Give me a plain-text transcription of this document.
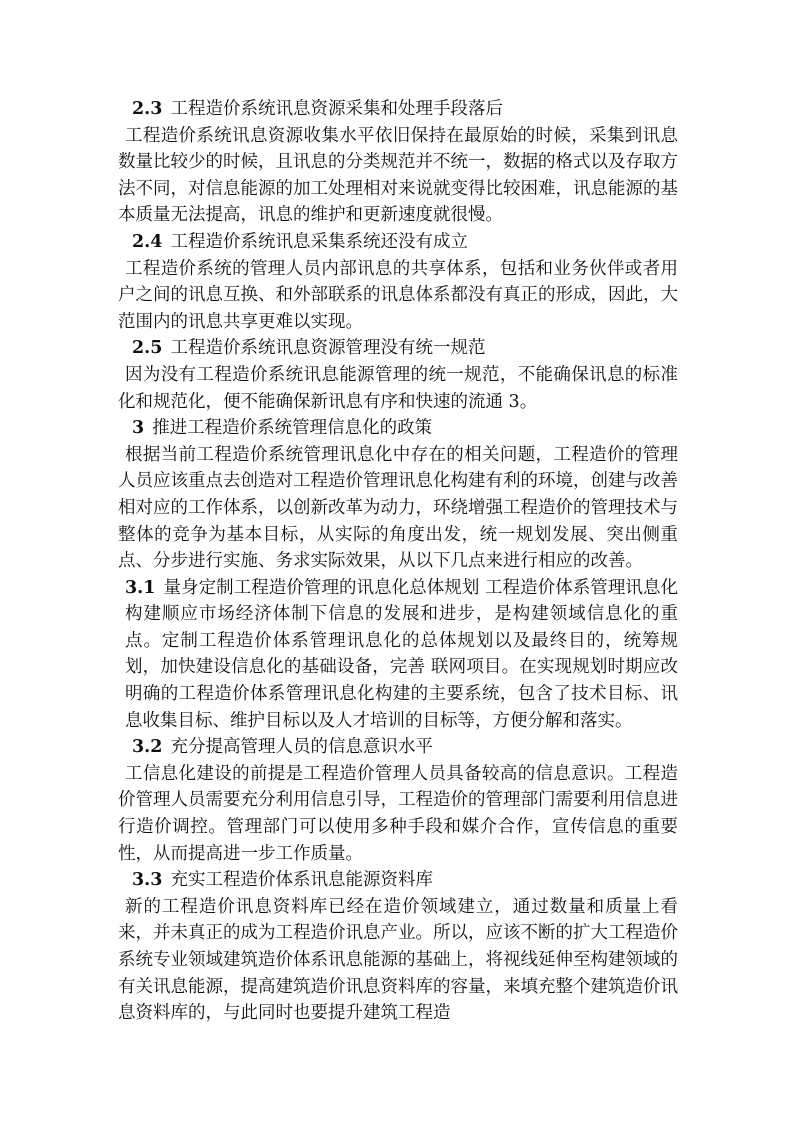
2.3 工程造价系统讯息资源采集和处理手段落后

工程造价系统讯息资源收集水平依旧保持在最原始的时候，采集到讯息数量比较少的时候，且讯息的分类规范并不统一，数据的格式以及存取方法不同，对信息能源的加工处理相对来说就变得比较困难，讯息能源的基本质量无法提高，讯息的维护和更新速度就很慢。

2.4 工程造价系统讯息采集系统还没有成立

工程造价系统的管理人员内部讯息的共享体系，包括和业务伙伴或者用户之间的讯息互换、和外部联系的讯息体系都没有真正的形成，因此，大范围内的讯息共享更难以实现。

2.5 工程造价系统讯息资源管理没有统一规范

因为没有工程造价系统讯息能源管理的统一规范，不能确保讯息的标准化和规范化，便不能确保新讯息有序和快速的流通 3。

3 推进工程造价系统管理信息化的政策

根据当前工程造价系统管理讯息化中存在的相关问题，工程造价的管理人员应该重点去创造对工程造价管理讯息化构建有利的环境，创建与改善相对应的工作体系，以创新改革为动力，环绕增强工程造价的管理技术与整体的竞争为基本目标，从实际的角度出发，统一规划发展、突出侧重点、分步进行实施、务求实际效果，从以下几点来进行相应的改善。

3.1 量身定制工程造价管理的讯息化总体规划 工程造价体系管理讯息化构建顺应市场经济体制下信息的发展和进步，是构建领域信息化的重点。定制工程造价体系管理讯息化的总体规划以及最终目的，统筹规划，加快建设信息化的基础设备，完善 联网项目。在实现规划时期应改明确的工程造价体系管理讯息化构建的主要系统，包含了技术目标、讯息收集目标、维护目标以及人才培训的目标等，方便分解和落实。

3.2 充分提高管理人员的信息意识水平

工信息化建设的前提是工程造价管理人员具备较高的信息意识。工程造价管理人员需要充分利用信息引导，工程造价的管理部门需要利用信息进行造价调控。管理部门可以使用多种手段和媒介合作，宣传信息的重要性，从而提高进一步工作质量。

3.3 充实工程造价体系讯息能源资料库

新的工程造价讯息资料库已经在造价领域建立，通过数量和质量上看来，并未真正的成为工程造价讯息产业。所以，应该不断的扩大工程造价系统专业领域建筑造价体系讯息能源的基础上，将视线延伸至构建领域的有关讯息能源，提高建筑造价讯息资料库的容量，来填充整个建筑造价讯息资料库的，与此同时也要提升建筑工程造
